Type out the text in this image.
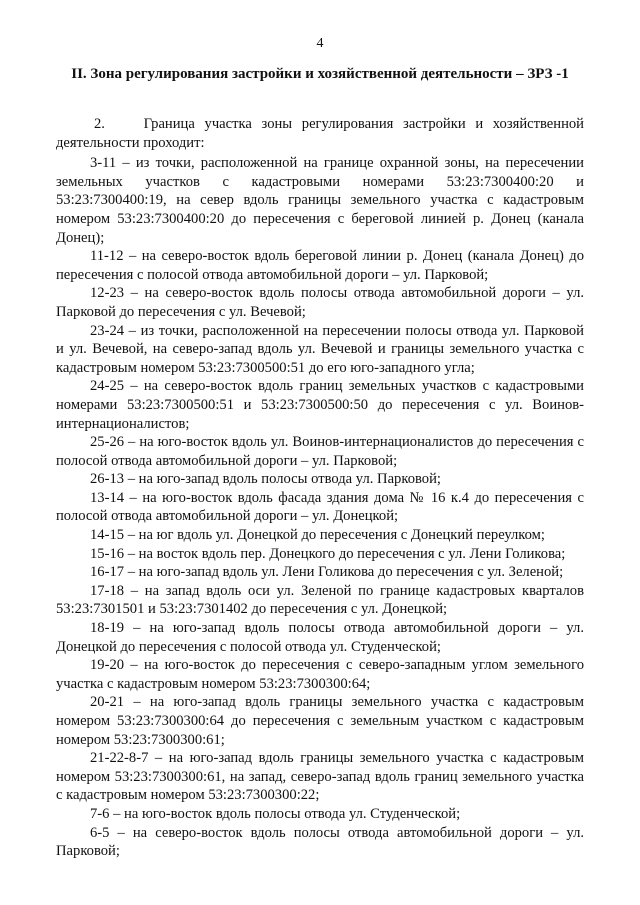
4
II. Зона регулирования застройки и хозяйственной деятельности – ЗРЗ -1

2.    Граница участка зоны регулирования застройки и хозяйственной деятельности проходит:

3-11 – из точки, расположенной на границе охранной зоны, на пересечении земельных участков с кадастровыми номерами 53:23:7300400:20 и 53:23:7300400:19, на север вдоль границы земельного участка с кадастровым номером 53:23:7300400:20 до пересечения с береговой линией р. Донец (канала Донец);

11-12 – на северо-восток вдоль береговой линии р. Донец (канала Донец) до пересечения с полосой отвода автомобильной дороги – ул. Парковой;

12-23 – на северо-восток вдоль полосы отвода автомобильной дороги – ул. Парковой до пересечения с ул. Вечевой;

23-24 – из точки, расположенной на пересечении полосы отвода ул. Парковой и ул. Вечевой, на северо-запад вдоль ул. Вечевой и границы земельного участка с кадастровым номером 53:23:7300500:51 до его юго-западного угла;

24-25 – на северо-восток вдоль границ земельных участков с кадастровыми номерами 53:23:7300500:51 и 53:23:7300500:50 до пересечения с ул. Воинов-интернационалистов;

25-26 – на юго-восток вдоль ул. Воинов-интернационалистов до пересечения с полосой отвода автомобильной дороги – ул. Парковой;

26-13 – на юго-запад вдоль полосы отвода ул. Парковой;

13-14 – на юго-восток вдоль фасада здания дома № 16 к.4 до пересечения с полосой отвода автомобильной дороги – ул. Донецкой;

14-15 – на юг вдоль ул. Донецкой до пересечения с Донецкий переулком;

15-16 – на восток вдоль пер. Донецкого до пересечения с ул. Лени Голикова;

16-17 – на юго-запад вдоль ул. Лени Голикова до пересечения с ул. Зеленой;

17-18 – на запад вдоль оси ул. Зеленой по границе кадастровых кварталов 53:23:7301501 и 53:23:7301402 до пересечения с ул. Донецкой;

18-19 – на юго-запад вдоль полосы отвода автомобильной дороги – ул. Донецкой до пересечения с полосой отвода ул. Студенческой;

19-20 – на юго-восток до пересечения с северо-западным углом земельного участка с кадастровым номером 53:23:7300300:64;

20-21 – на юго-запад вдоль границы земельного участка с кадастровым номером 53:23:7300300:64 до пересечения с земельным участком с кадастровым номером 53:23:7300300:61;

21-22-8-7 – на юго-запад вдоль границы земельного участка с кадастровым номером 53:23:7300300:61, на запад, северо-запад вдоль границ земельного участка с кадастровым номером 53:23:7300300:22;

7-6 – на юго-восток вдоль полосы отвода ул. Студенческой;

6-5 – на северо-восток вдоль полосы отвода автомобильной дороги – ул. Парковой;
